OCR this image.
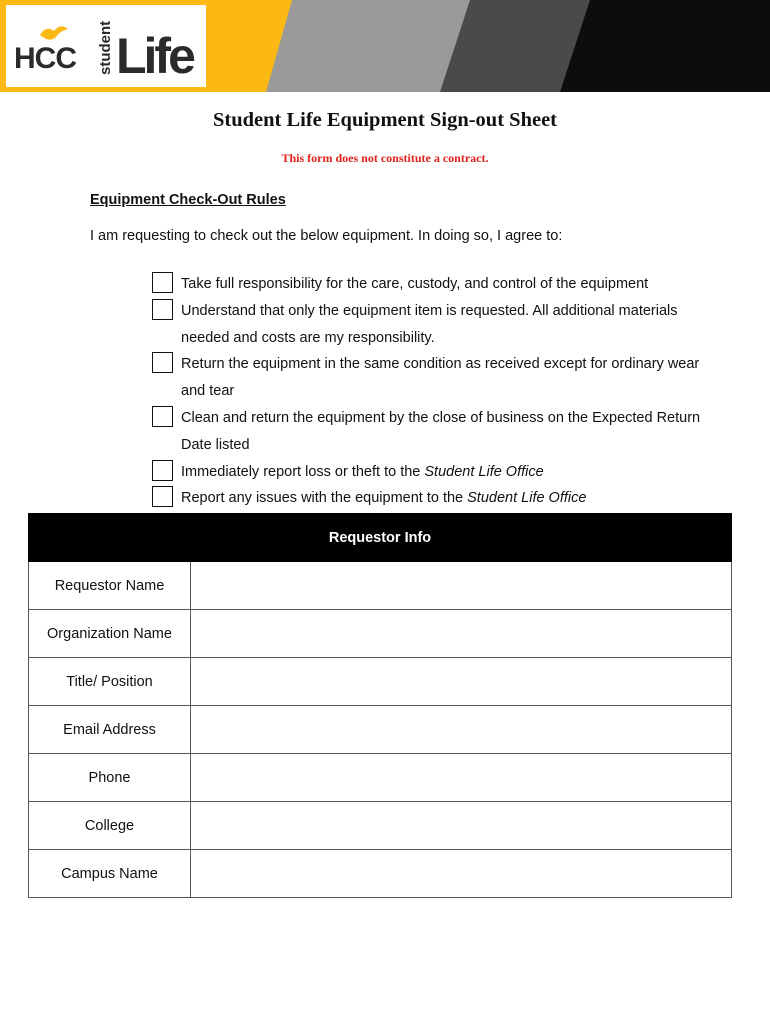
HCC student Life
Student Life Equipment Sign-out Sheet
This form does not constitute a contract.
Equipment Check-Out Rules
I am requesting to check out the below equipment. In doing so, I agree to:
Take full responsibility for the care, custody, and control of the equipment
Understand that only the equipment item is requested. All additional materials needed and costs are my responsibility.
Return the equipment in the same condition as received except for ordinary wear and tear
Clean and return the equipment by the close of business on the Expected Return Date listed
Immediately report loss or theft to the Student Life Office
Report any issues with the equipment to the Student Life Office
Requestor Info	
Requestor Name	
Organization Name	
Title/ Position	
Email Address	
Phone	
College	
Campus Name	
